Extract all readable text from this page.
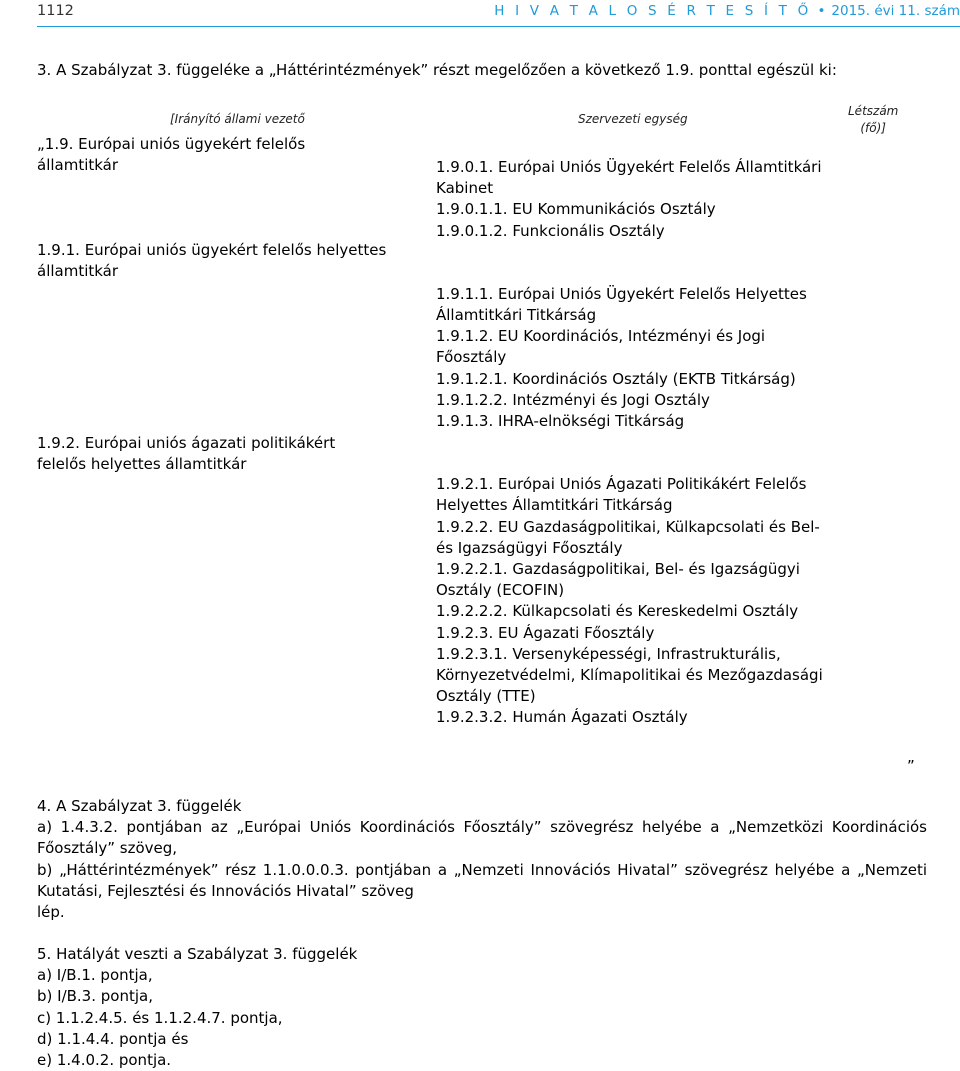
1112	H I V A T A L O S É R T E S Í T Ő • 2015. évi 11. szám
3. A Szabályzat 3. függeléke a „Háttérintézmények” részt megelőzően a következő 1.9. ponttal egészül ki:
[Irányító állami vezető	Szervezeti egység
Létszám
(fő)]
„1.9. Európai uniós ügyekért felelős államtitkár
1.9.1. Európai uniós ügyekért felelős helyettes államtitkár
1.9.2. Európai uniós ágazati politikákért felelős helyettes államtitkár
1.9.0.1. Európai Uniós Ügyekért Felelős Államtitkári Kabinet
1.9.0.1.1. EU Kommunikációs Osztály
1.9.0.1.2. Funkcionális Osztály
1.9.1.1. Európai Uniós Ügyekért Felelős Helyettes Államtitkári Titkárság
1.9.1.2. EU Koordinációs, Intézményi és Jogi Főosztály
1.9.1.2.1. Koordinációs Osztály (EKTB Titkárság)
1.9.1.2.2. Intézményi és Jogi Osztály
1.9.1.3. IHRA-elnökségi Titkárság
1.9.2.1. Európai Uniós Ágazati Politikákért Felelős Helyettes Államtitkári Titkárság
1.9.2.2. EU Gazdaságpolitikai, Külkapcsolati és Bel- és Igazságügyi Főosztály
1.9.2.2.1. Gazdaságpolitikai, Bel- és Igazságügyi Osztály (ECOFIN)
1.9.2.2.2. Külkapcsolati és Kereskedelmi Osztály
1.9.2.3. EU Ágazati Főosztály
1.9.2.3.1. Versenyképességi, Infrastrukturális, Környezetvédelmi, Klímapolitikai és Mezőgazdasági Osztály (TTE)
1.9.2.3.2. Humán Ágazati Osztály
”
4. A Szabályzat 3. függelék
a) 1.4.3.2. pontjában az „Európai Uniós Koordinációs Főosztály” szövegrész helyébe a „Nemzetközi Koordinációs Főosztály” szöveg,
b) „Háttérintézmények” rész 1.1.0.0.0.3. pontjában a „Nemzeti Innovációs Hivatal” szövegrész helyébe a „Nemzeti Kutatási, Fejlesztési és Innovációs Hivatal” szöveg
lép.
5. Hatályát veszti a Szabályzat 3. függelék
a) I/B.1. pontja,
b) I/B.3. pontja,
c) 1.1.2.4.5. és 1.1.2.4.7. pontja,
d) 1.1.4.4. pontja és
e) 1.4.0.2. pontja.
